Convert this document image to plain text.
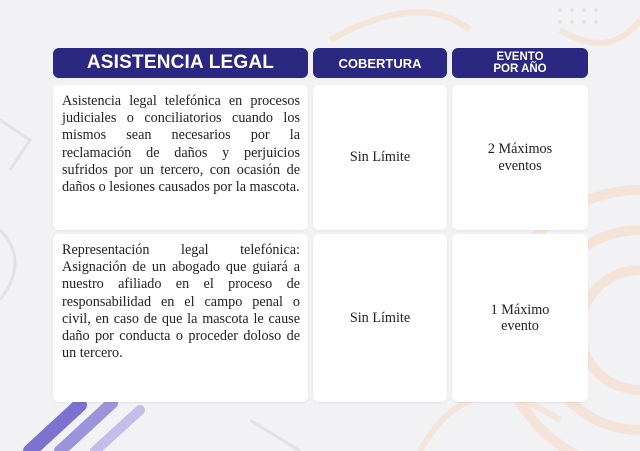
ASISTENCIA LEGAL	COBERTURA	EVENTO
POR AÑO
Asistencia legal telefónica en procesos judiciales o conciliatorios cuando los mismos sean necesarios por la reclamación de daños y perjuicios sufridos por un tercero, con ocasión de daños o lesiones causados por la mascota.
Sin Límite
2 Máximos
eventos
Representación legal telefónica: Asignación de un abogado que guiará a nuestro afiliado en el proceso de responsabilidad en el campo penal o civil, en caso de que la mascota le cause daño por conducta o proceder doloso de un tercero.
Sin Límite
1 Máximo
evento
